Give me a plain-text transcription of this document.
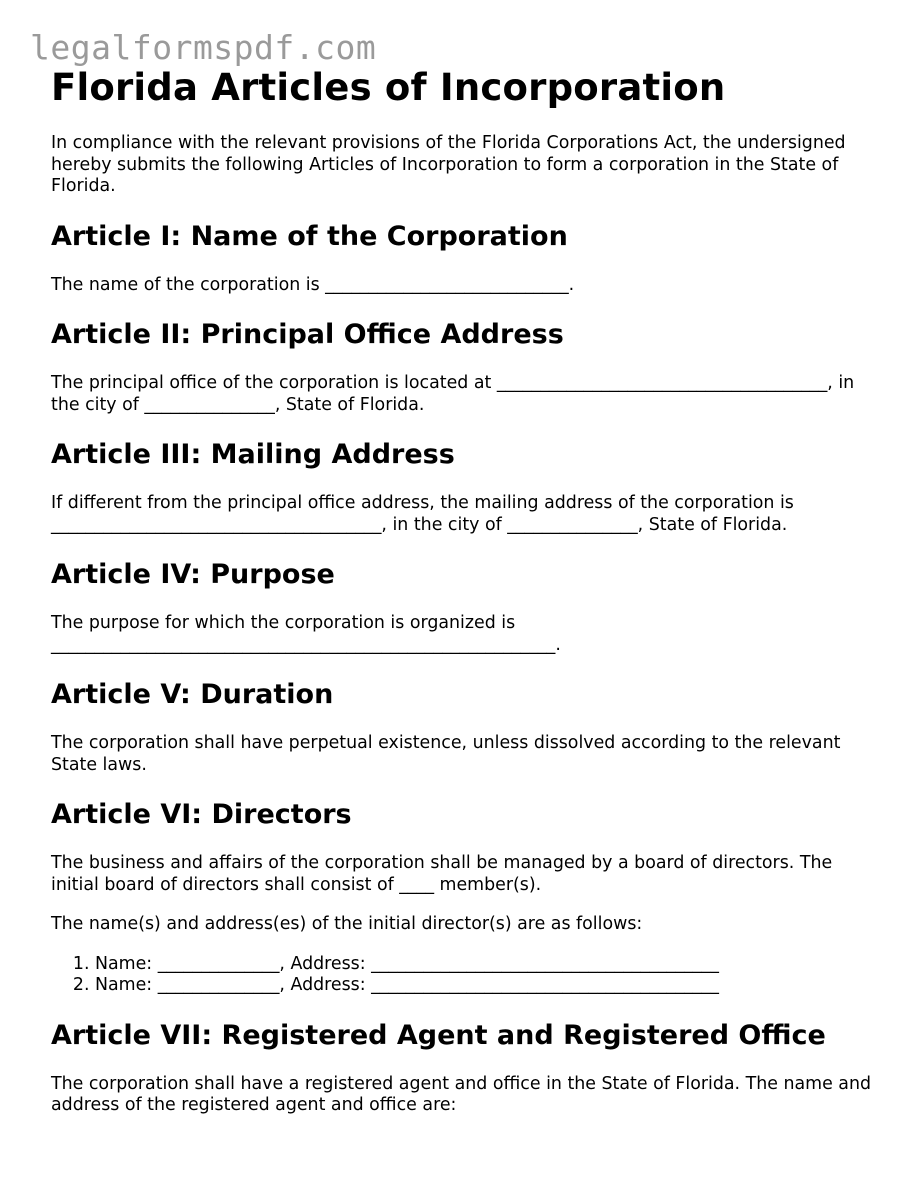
legalformspdf.com
Florida Articles of Incorporation

In compliance with the relevant provisions of the Florida Corporations Act, the undersigned hereby submits the following Articles of Incorporation to form a corporation in the State of Florida.

Article I: Name of the Corporation

The name of the corporation is ____________________________.

Article II: Principal Office Address

The principal office of the corporation is located at ______________________________________, in the city of _______________, State of Florida.

Article III: Mailing Address

If different from the principal office address, the mailing address of the corporation is ______________________________________, in the city of _______________, State of Florida.

Article IV: Purpose

The purpose for which the corporation is organized is __________________________________________________________.

Article V: Duration

The corporation shall have perpetual existence, unless dissolved according to the relevant State laws.

Article VI: Directors

The business and affairs of the corporation shall be managed by a board of directors. The initial board of directors shall consist of ____ member(s).

The name(s) and address(es) of the initial director(s) are as follows:

1. Name: ______________, Address: ________________________________________
2. Name: ______________, Address: ________________________________________
Article VII: Registered Agent and Registered Office

The corporation shall have a registered agent and office in the State of Florida. The name and address of the registered agent and office are:
